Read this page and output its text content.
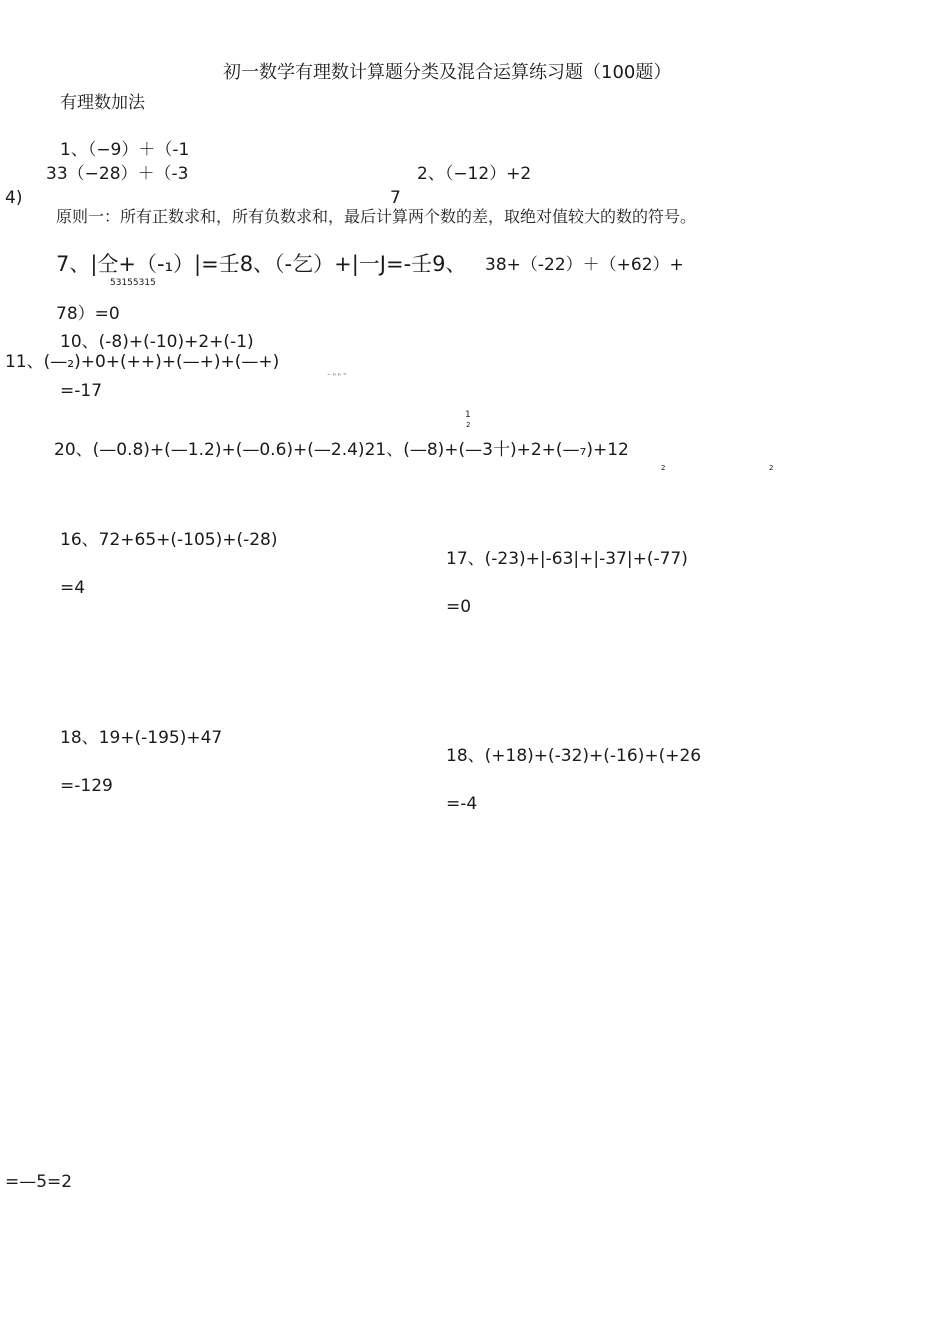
初一数学有理数计算题分类及混合运算练习题（100题）
有理数加法
1、（−9）＋（-1
33（−28）＋（-3	2、（−12）+2
4)	7
原则一：所有正数求和，所有负数求和，最后计算两个数的差，取绝对值较大的数的符号。
7、|仝+（-₁）|=壬8、（-乞）+|一J=-壬9、 38+（-22）＋（+62）+
53155315
78）=0
10、(-8)+(-10)+2+(-1)
11、(—₂)+0+(++)+(—+)+(—+)
⁻ ⁿ ⁿ ⁼
=-17
1
2
20、(—0.8)+(—1.2)+(—0.6)+(—2.4)21、(—8)+(—3十)+2+(—₇)+12
2	2
16、72+65+(-105)+(-28)
=4
17、(-23)+|-63|+|-37|+(-77)
=0
18、19+(-195)+47
=-129
18、(+18)+(-32)+(-16)+(+26
=-4
=—5=2
